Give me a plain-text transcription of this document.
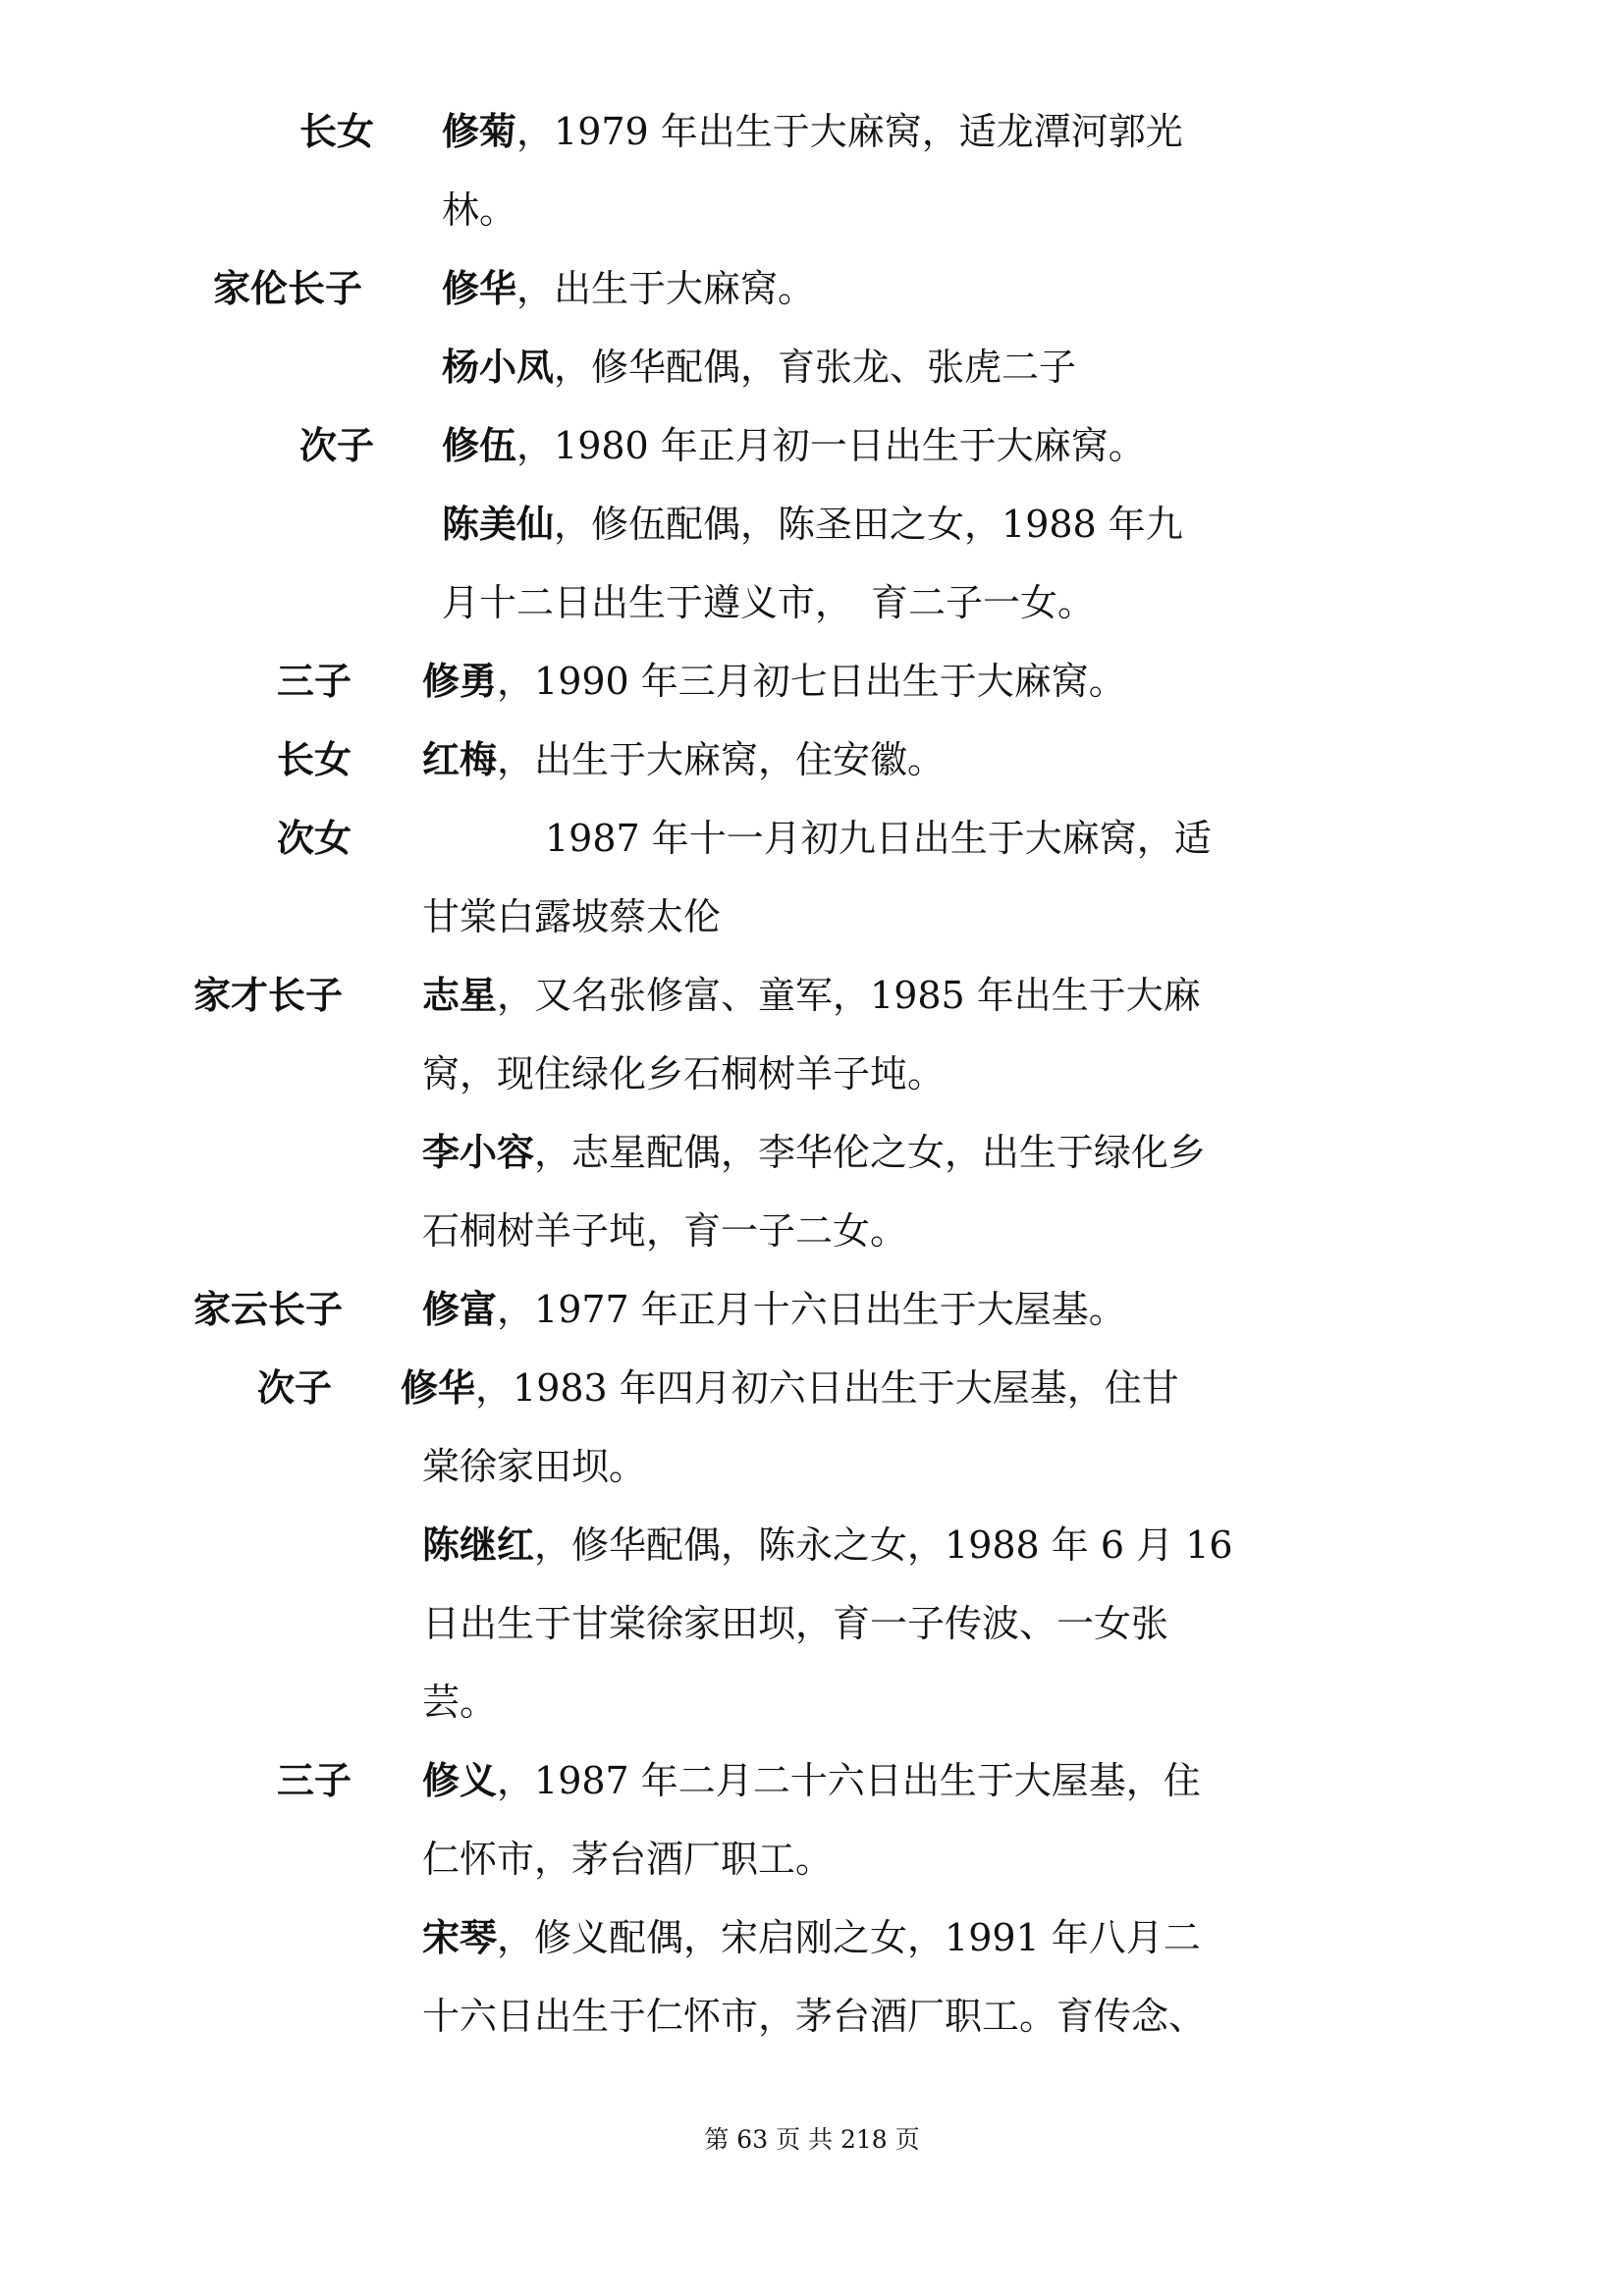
长女 修菊，1979 年出生于大麻窝，适龙潭河郭光
林。
家伦长子 修华，出生于大麻窝。
杨小凤，修华配偶，育张龙、张虎二子
次子 修伍，1980 年正月初一日出生于大麻窝。
陈美仙，修伍配偶，陈圣田之女，1988 年九
月十二日出生于遵义市，　育二子一女。
三子 修勇，1990 年三月初七日出生于大麻窝。
长女 红梅，出生于大麻窝，住安徽。
次女	1987 年十一月初九日出生于大麻窝，适
甘棠白露坡蔡太伦
家才长子 志星，又名张修富、童军，1985 年出生于大麻
窝，现住绿化乡石桐树羊子坉。
李小容，志星配偶，李华伦之女，出生于绿化乡
石桐树羊子坉，育一子二女。
家云长子 修富，1977 年正月十六日出生于大屋基。
次子 修华，1983 年四月初六日出生于大屋基，住甘
棠徐家田坝。
陈继红，修华配偶，陈永之女，1988 年 6 月 16
日出生于甘棠徐家田坝，育一子传波、一女张
芸。
三子 修义，1987 年二月二十六日出生于大屋基，住
仁怀市，茅台酒厂职工。
宋琴，修义配偶，宋启刚之女，1991 年八月二
十六日出生于仁怀市，茅台酒厂职工。育传念、
第 63 页 共 218 页
